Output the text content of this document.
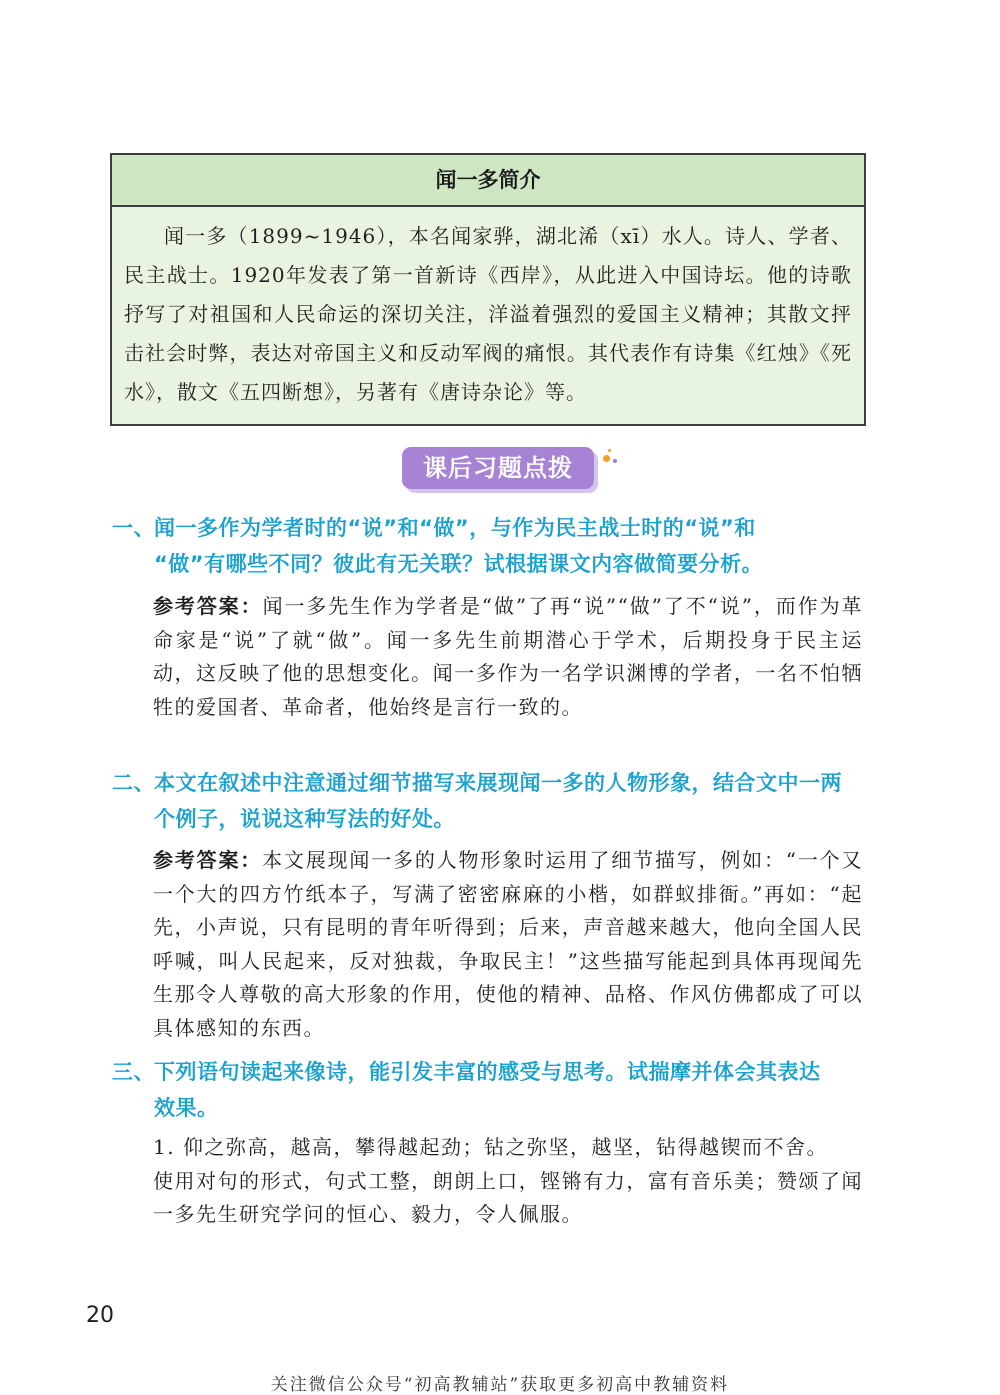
闻一多简介
闻一多（1899~1946），本名闻家骅，湖北浠（xī）水人。诗人、学者、民主战士。1920年发表了第一首新诗《西岸》，从此进入中国诗坛。他的诗歌抒写了对祖国和人民命运的深切关注，洋溢着强烈的爱国主义精神；其散文抨击社会时弊，表达对帝国主义和反动军阀的痛恨。其代表作有诗集《红烛》《死水》，散文《五四断想》，另著有《唐诗杂论》等。
课后习题点拨
一、闻一多作为学者时的“说”和“做”，与作为民主战士时的“说”和
“做”有哪些不同？彼此有无关联？试根据课文内容做简要分析。
参考答案：闻一多先生作为学者是“做”了再“说”“做”了不“说”，而作为革命家是“说”了就“做”。闻一多先生前期潜心于学术，后期投身于民主运动，这反映了他的思想变化。闻一多作为一名学识渊博的学者，一名不怕牺牲的爱国者、革命者，他始终是言行一致的。
二、本文在叙述中注意通过细节描写来展现闻一多的人物形象，结合文中一两
个例子，说说这种写法的好处。
参考答案：本文展现闻一多的人物形象时运用了细节描写，例如：“一个又一个大的四方竹纸本子，写满了密密麻麻的小楷，如群蚁排衙。”再如：“起先，小声说，只有昆明的青年听得到；后来，声音越来越大，他向全国人民呼喊，叫人民起来，反对独裁，争取民主！”这些描写能起到具体再现闻先生那令人尊敬的高大形象的作用，使他的精神、品格、作风仿佛都成了可以具体感知的东西。
三、下列语句读起来像诗，能引发丰富的感受与思考。试揣摩并体会其表达
效果。
1. 仰之弥高，越高，攀得越起劲；钻之弥坚，越坚，钻得越锲而不舍。
使用对句的形式，句式工整，朗朗上口，铿锵有力，富有音乐美；赞颂了闻一多先生研究学问的恒心、毅力，令人佩服。
20
关注微信公众号“初高教辅站”获取更多初高中教辅资料
